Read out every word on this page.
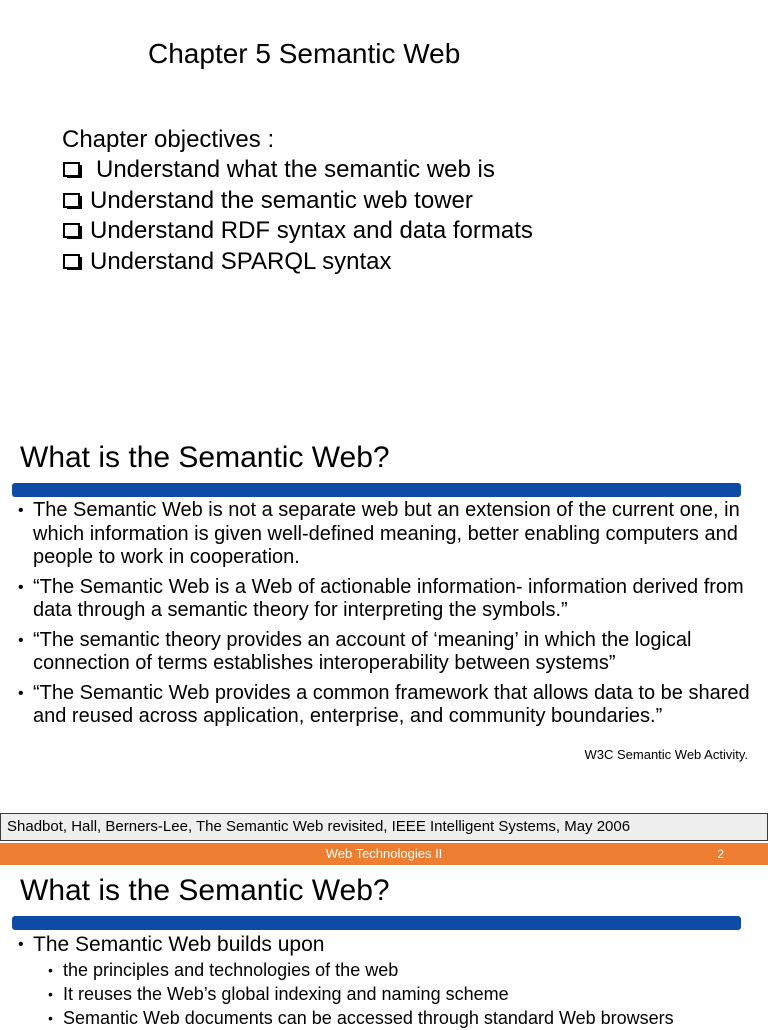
Chapter 5 Semantic Web
Chapter objectives :
Understand what the semantic web is
Understand the semantic web tower
Understand RDF syntax and data formats
Understand SPARQL syntax
What is the Semantic Web?
• The Semantic Web is not a separate web but an extension of the current one, in which information is given well-defined meaning, better enabling computers and people to work in cooperation.
• “The Semantic Web is a Web of actionable information- information derived from data through a semantic theory for interpreting the symbols.”
• “The semantic theory provides an account of ‘meaning’ in which the logical connection of terms establishes interoperability between systems”
• “The Semantic Web provides a common framework that allows data to be shared and reused across application, enterprise, and community boundaries.”
W3C Semantic Web Activity.
Shadbot, Hall, Berners-Lee, The Semantic Web revisited, IEEE Intelligent Systems, May 2006
Web Technologies II	2
What is the Semantic Web?
• The Semantic Web builds upon
• the principles and technologies of the web
• It reuses the Web’s global indexing and naming scheme
• Semantic Web documents can be accessed through standard Web browsers
